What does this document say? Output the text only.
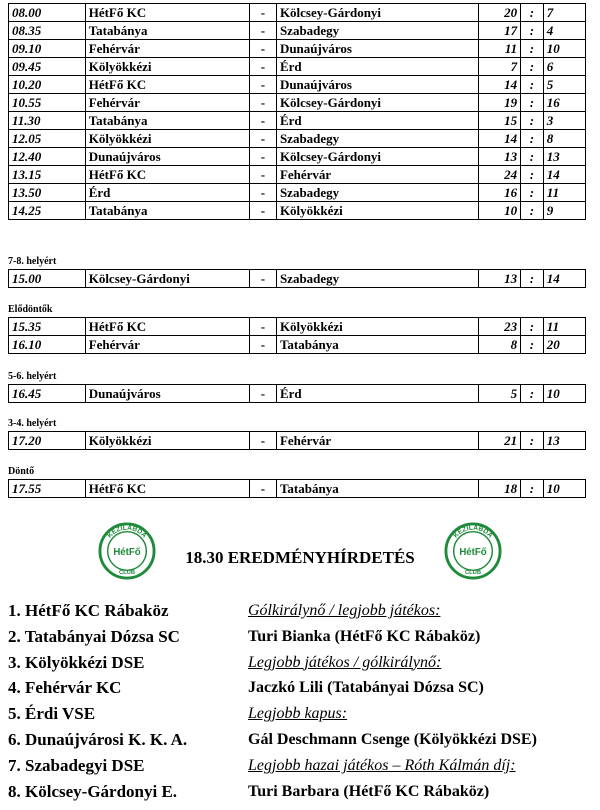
08.00	HétFő KC	-	Kölcsey-Gárdonyi	20	:	7
08.35	Tatabánya	-	Szabadegy	17	:	4
09.10	Fehérvár	-	Dunaújváros	11	:	10
09.45	Kölyökkézi	-	Érd	7	:	6
10.20	HétFő KC	-	Dunaújváros	14	:	5
10.55	Fehérvár	-	Kölcsey-Gárdonyi	19	:	16
11.30	Tatabánya	-	Érd	15	:	3
12.05	Kölyökkézi	-	Szabadegy	14	:	8
12.40	Dunaújváros	-	Kölcsey-Gárdonyi	13	:	13
13.15	HétFő KC	-	Fehérvár	24	:	14
13.50	Érd	-	Szabadegy	16	:	11
14.25	Tatabánya	-	Kölyökkézi	10	:	9
7-8. helyért
15.00	Kölcsey-Gárdonyi	-	Szabadegy	13	:	14
Elődöntők
15.35	HétFő KC	-	Kölyökkézi	23	:	11
16.10	Fehérvár	-	Tatabánya	8	:	20
5-6. helyért
16.45	Dunaújváros	-	Érd	5	:	10
3-4. helyért
17.20	Kölyökkézi	-	Fehérvár	21	:	13
Döntő
17.55	HétFő KC	-	Tatabánya	18	:	10
18.30 EREDMÉNYHÍRDETÉS
KÉZILABDA
HétFő
CLUB
KÉZILABDA
HétFő
CLUB
1. HétFő KC Rábaköz
2. Tatabányai Dózsa SC
3. Kölyökkézi DSE
4. Fehérvár KC
5. Érdi VSE
6. Dunaújvárosi K. K. A.
7. Szabadegyi DSE
8. Kölcsey-Gárdonyi E.
Gólkirálynő / legjobb játékos:
Turi Bianka (HétFő KC Rábaköz)
Legjobb játékos / gólkirálynő:
Jaczkó Lili (Tatabányai Dózsa SC)
Legjobb kapus:
Gál Deschmann Csenge (Kölyökkézi DSE)
Legjobb hazai játékos – Róth Kálmán díj:
Turi Barbara (HétFő KC Rábaköz)
